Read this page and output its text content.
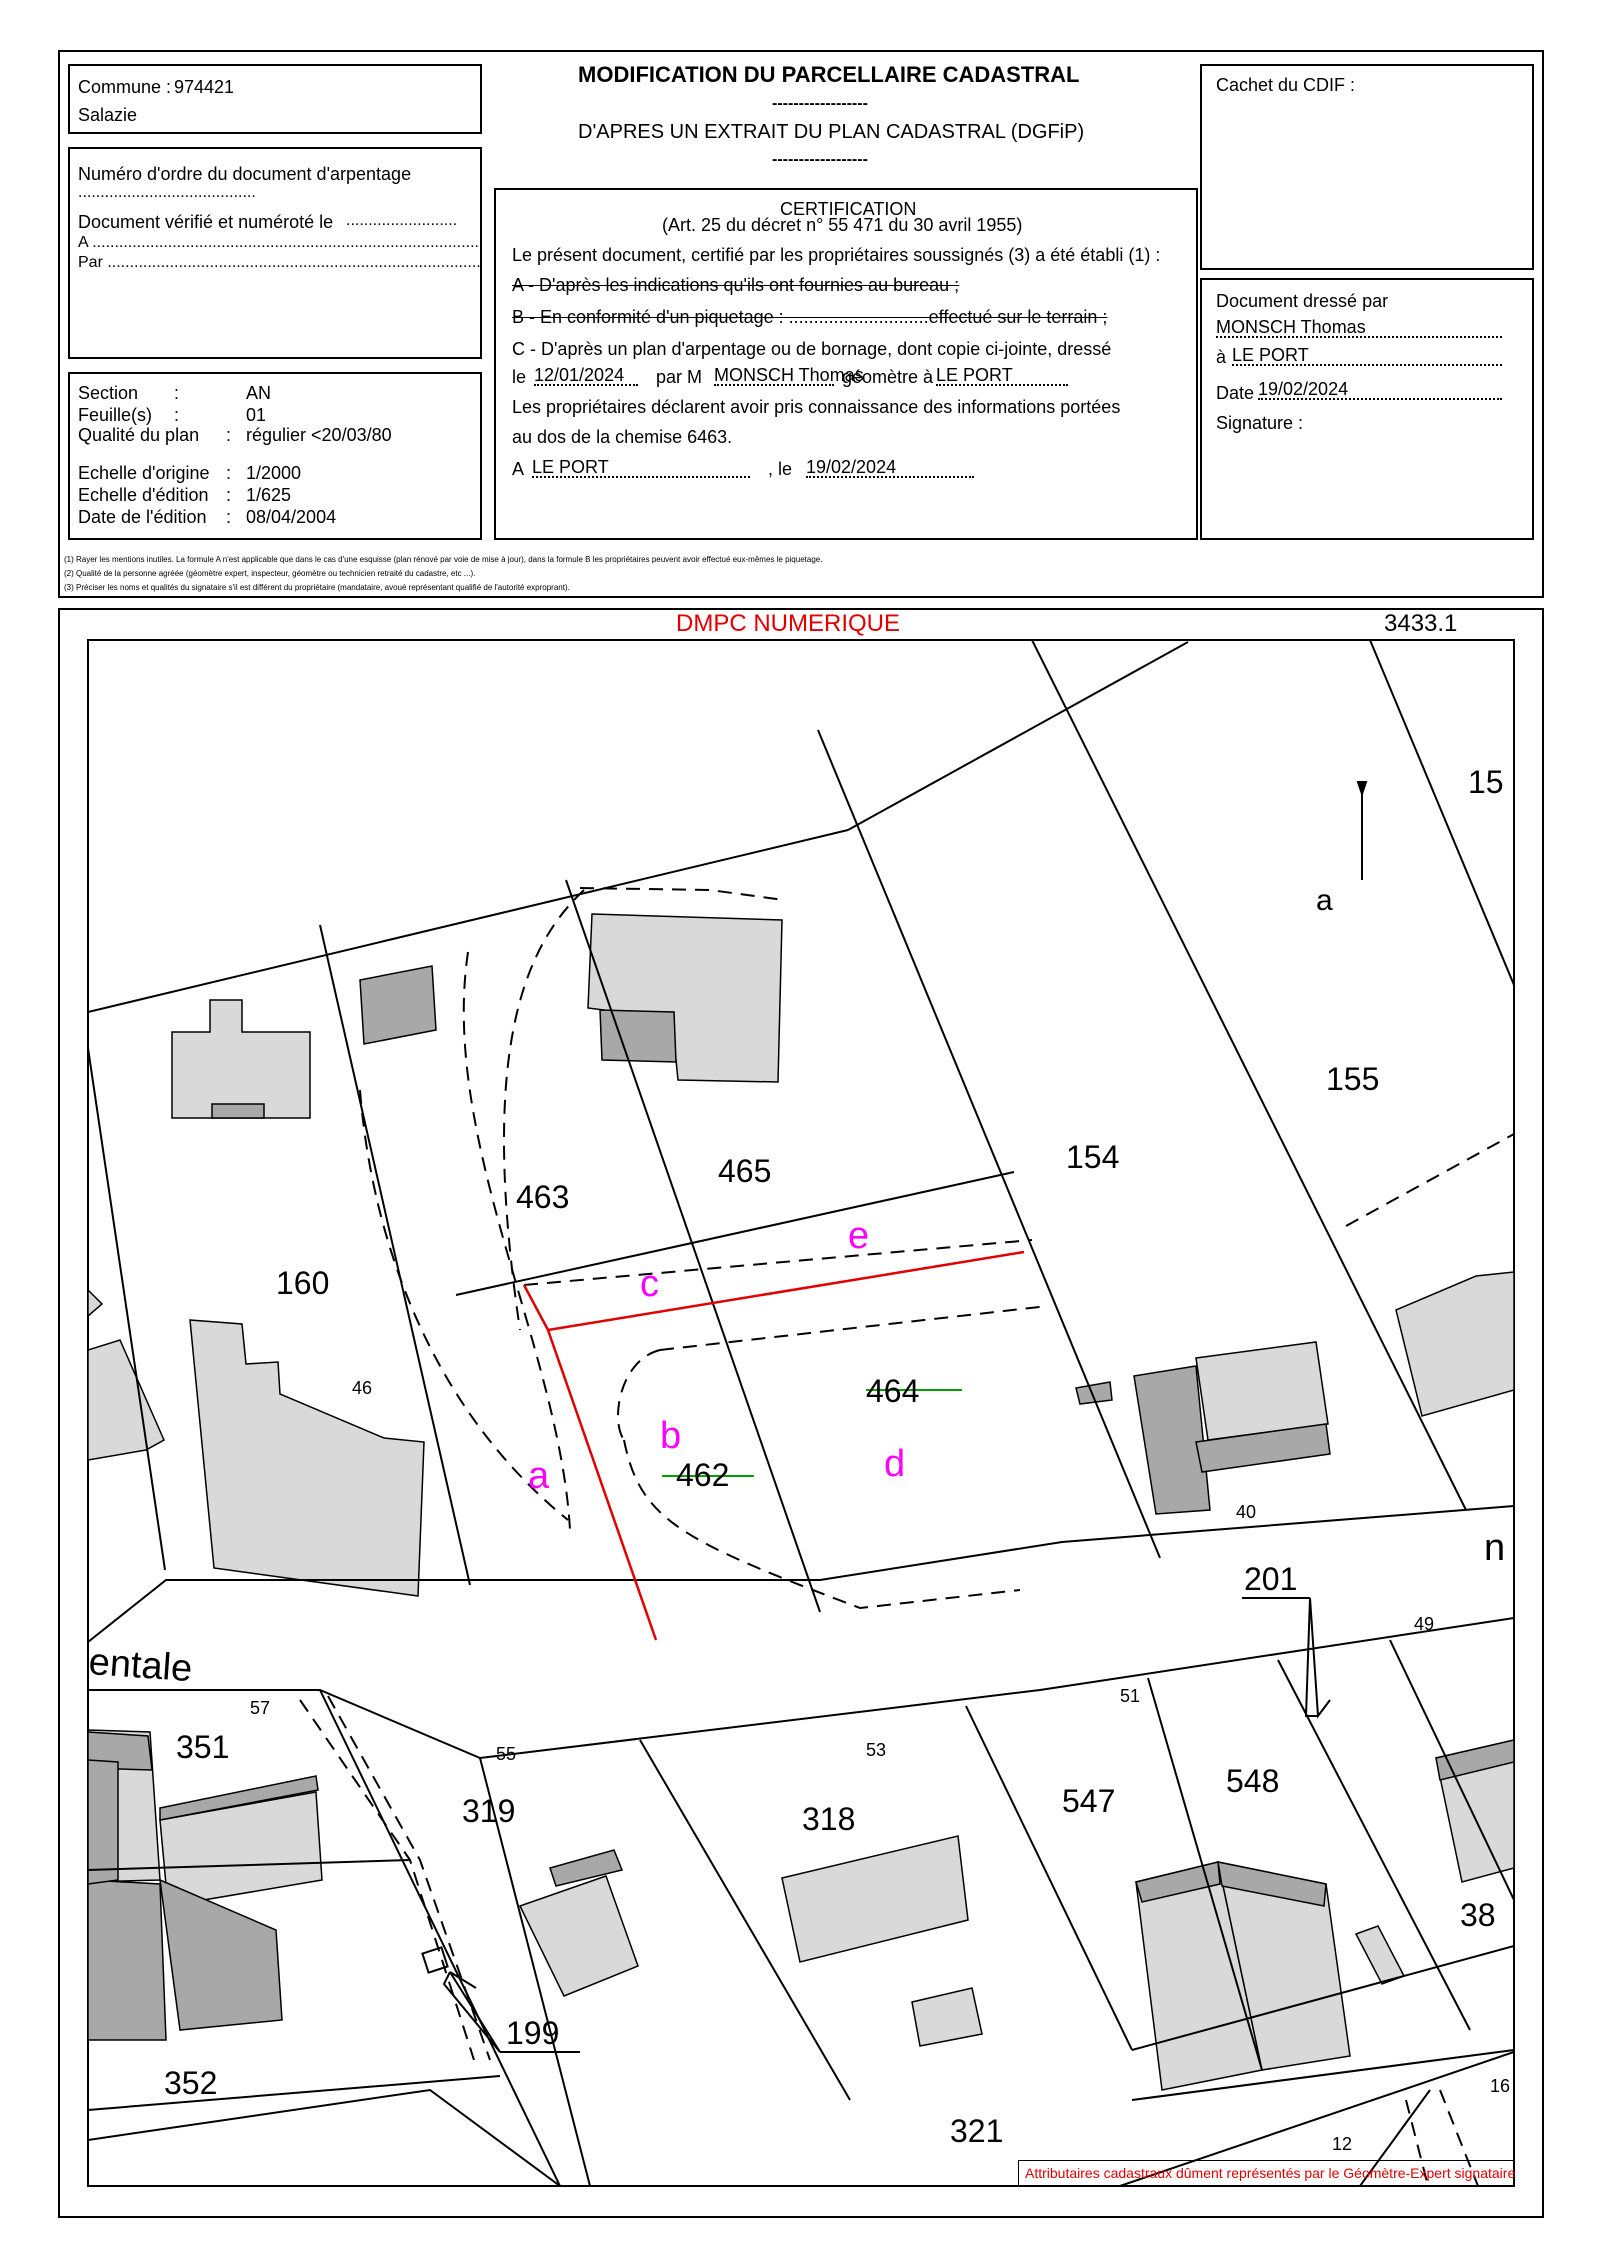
Commune : 974421
Salazie
Numéro d'ordre du document d'arpentage
........................................
Document vérifié et numéroté le .........................
A ........................................................................................
Par ....................................................................................
Section :	AN
Feuille(s) :	01
Qualité du plan : régulier <20/03/80
Echelle d'origine : 1/2000
Echelle d'édition : 1/625
Date de l'édition : 08/04/2004
MODIFICATION DU PARCELLAIRE CADASTRAL
------------------
D'APRES UN EXTRAIT DU PLAN CADASTRAL (DGFiP)
------------------
CERTIFICATION
(Art. 25 du décret n° 55 471 du 30 avril 1955)
Le présent document, certifié par les propriétaires soussignés (3) a été établi (1) :
A - D'après les indications qu'ils ont fournies au bureau ;
B - En conformité d'un piquetage : ............................effectué sur le terrain ;
C - D'après un plan d'arpentage ou de bornage, dont copie ci-jointe, dressé
le 12/01/2024	par M MONSCH Thomas
géomètre à LE PORT
Les propriétaires déclarent avoir pris connaissance des informations portées
au dos de la chemise 6463.
A LE PORT	, le 19/02/2024
Cachet du CDIF :
Document dressé par
MONSCH Thomas
à LE PORT
Date 19/02/2024
Signature :
(1) Rayer les mentions inutiles. La formule A n'est applicable que dans le cas d'une esquisse (plan rénové par voie de mise à jour), dans la formule B les propriétaires peuvent avoir effectué eux-mêmes le piquetage.
(2) Qualité de la personne agréée (géomètre expert, inspecteur, géomètre ou technicien retraité du cadastre, etc ...).
(3) Préciser les noms et qualités du signataire s'il est différent du propriétaire (mandataire, avoué représentant qualifié de l'autorité exproprant).
DMPC NUMERIQUE	3433.1
15
155
154
465
463
160
46
40
201
49
351
57
55
319
53
318
51
547
548
38
199
352
321	12
16
464
462
a
entale
n
a
b
c
d
e
Attributaires cadastraux dûment représentés par le Géomètre-Expert signataire
